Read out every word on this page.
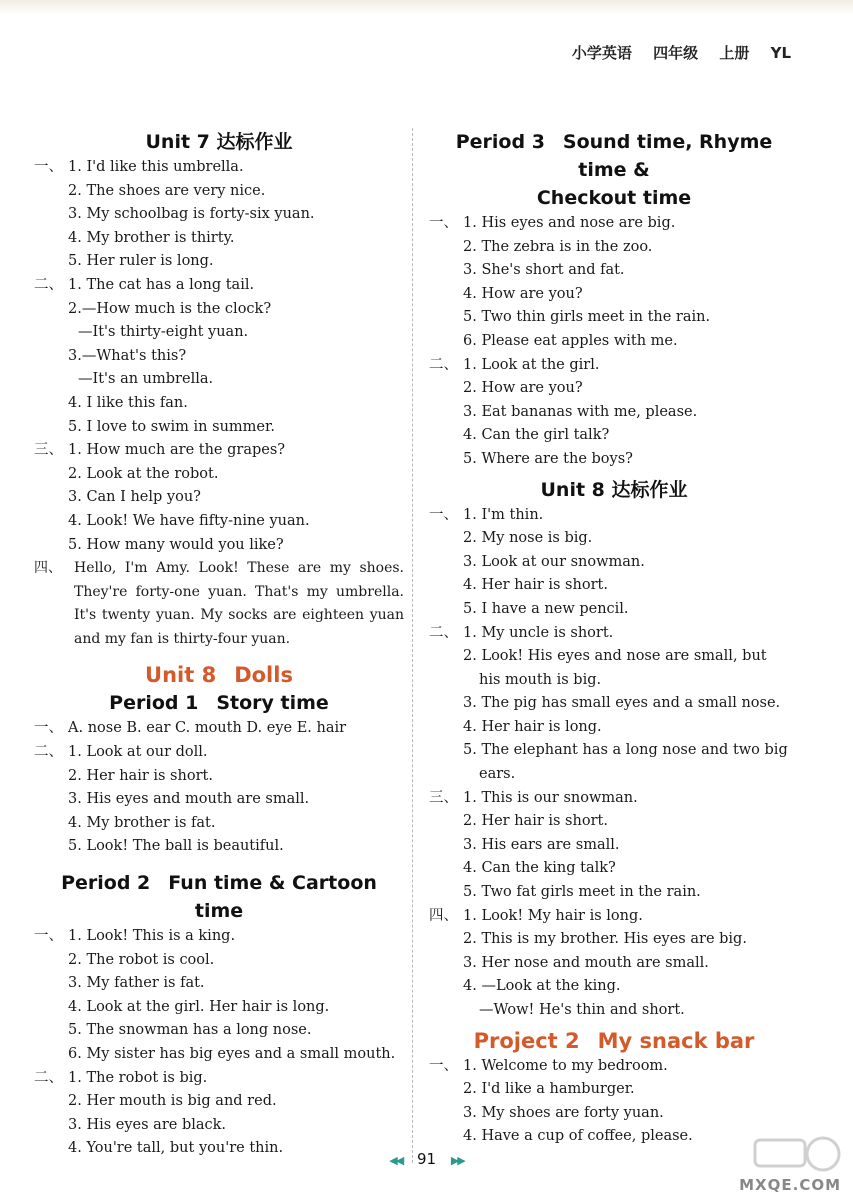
小学英语 四年级 上册 YL
Unit 7 达标作业
一、 1. I'd like this umbrella.
2. The shoes are very nice.
3. My schoolbag is forty-six yuan.
4. My brother is thirty.
5. Her ruler is long.
二、 1. The cat has a long tail.
2.—How much is the clock?
—It's thirty-eight yuan.
3.—What's this?
—It's an umbrella.
4. I like this fan.
5. I love to swim in summer.
三、 1. How much are the grapes?
2. Look at the robot.
3. Can I help you?
4. Look! We have fifty-nine yuan.
5. How many would you like?
四、 Hello, I'm Amy. Look! These are my shoes. They're forty-one yuan. That's my umbrella. It's twenty yuan. My socks are eighteen yuan and my fan is thirty-four yuan.
Unit 8 Dolls
Period 1 Story time
一、 A. nose B. ear C. mouth D. eye E. hair
二、 1. Look at our doll.
2. Her hair is short.
3. His eyes and mouth are small.
4. My brother is fat.
5. Look! The ball is beautiful.
Period 2 Fun time & Cartoon time
一、 1. Look! This is a king.
2. The robot is cool.
3. My father is fat.
4. Look at the girl. Her hair is long.
5. The snowman has a long nose.
6. My sister has big eyes and a small mouth.
二、 1. The robot is big.
2. Her mouth is big and red.
3. His eyes are black.
4. You're tall, but you're thin.
Period 3 Sound time, Rhyme time &
Checkout time
一、 1. His eyes and nose are big.
2. The zebra is in the zoo.
3. She's short and fat.
4. How are you?
5. Two thin girls meet in the rain.
6. Please eat apples with me.
二、 1. Look at the girl.
2. How are you?
3. Eat bananas with me, please.
4. Can the girl talk?
5. Where are the boys?
Unit 8 达标作业
一、 1. I'm thin.
2. My nose is big.
3. Look at our snowman.
4. Her hair is short.
5. I have a new pencil.
二、 1. My uncle is short.
2. Look! His eyes and nose are small, but
his mouth is big.
3. The pig has small eyes and a small nose.
4. Her hair is long.
5. The elephant has a long nose and two big
ears.
三、 1. This is our snowman.
2. Her hair is short.
3. His ears are small.
4. Can the king talk?
5. Two fat girls meet in the rain.
四、 1. Look! My hair is long.
2. This is my brother. His eyes are big.
3. Her nose and mouth are small.
4. —Look at the king.
—Wow! He's thin and short.
Project 2 My snack bar
一、 1. Welcome to my bedroom.
2. I'd like a hamburger.
3. My shoes are forty yuan.
4. Have a cup of coffee, please.
◀◀ 91 ▶▶
MXQE.COM
